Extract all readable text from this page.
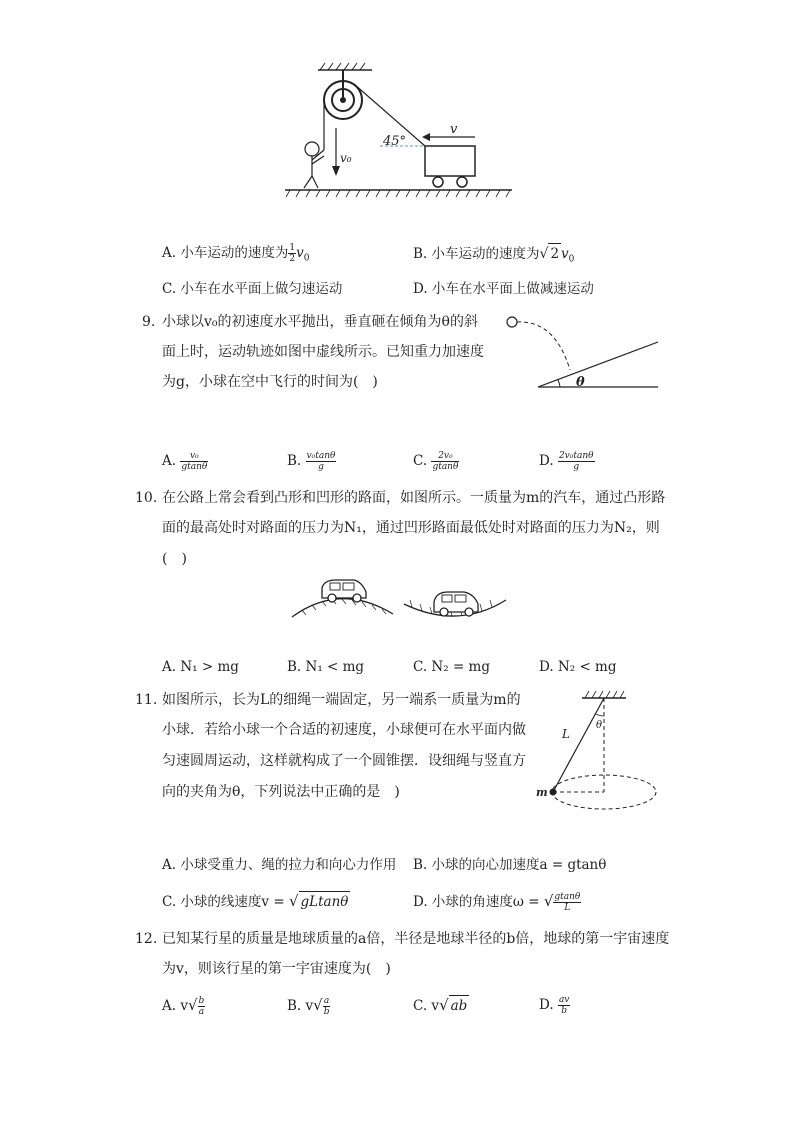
45°
v₀
v
A. 小车运动的速度为 $\frac{1}{2} v_0$	B. 小车运动的速度为√ 2 $v_0$
C. 小车在水平面上做匀速运动	D. 小车在水平面上做减速运动
9. 小球以v₀的初速度水平抛出，垂直砸在倾角为θ的斜
面上时，运动轨迹如图中虚线所示。已知重力加速度
为g，小球在空中飞行的时间为(　)	θ
A. $\frac{\text{v₀}}{gtan\theta}$	B. $\frac{\text{v₀tanθ}}{g}$	C. $\frac{\text{2v₀}}{gtan\theta}$	D. $\frac{\text{2v₀tanθ}}{g}$
10. 在公路上常会看到凸形和凹形的路面，如图所示。一质量为m的汽车，通过凸形路
面的最高处时对路面的压力为N₁，通过凹形路面最低处时对路面的压力为N₂，则
(　)
A. N₁ > mg	B. N₁ < mg	C. N₂ = mg	D. N₂ < mg
11. 如图所示，长为L的细绳一端固定，另一端系一质量为m的
小球．若给小球一个合适的初速度，小球便可在水平面内做
匀速圆周运动，这样就构成了一个圆锥摆．设细绳与竖直方
向的夹角为θ，下列说法中正确的是　)
θ
L
m
A. 小球受重力、绳的拉力和向心力作用 B. 小球的向心加速度a = gtanθ
C. 小球的线速度v = √ gLtanθ	D. 小球的角速度ω = √ $\frac{gtan\theta}{L}$
12. 已知某行星的质量是地球质量的a倍，半径是地球半径的b倍，地球的第一宇宙速度
为v，则该行星的第一宇宙速度为(　)
A. $v√ \frac{b}{a}$	B. $v√ \frac{a}{b}$	C. v√ ab	D. $\frac{av}{b}$
